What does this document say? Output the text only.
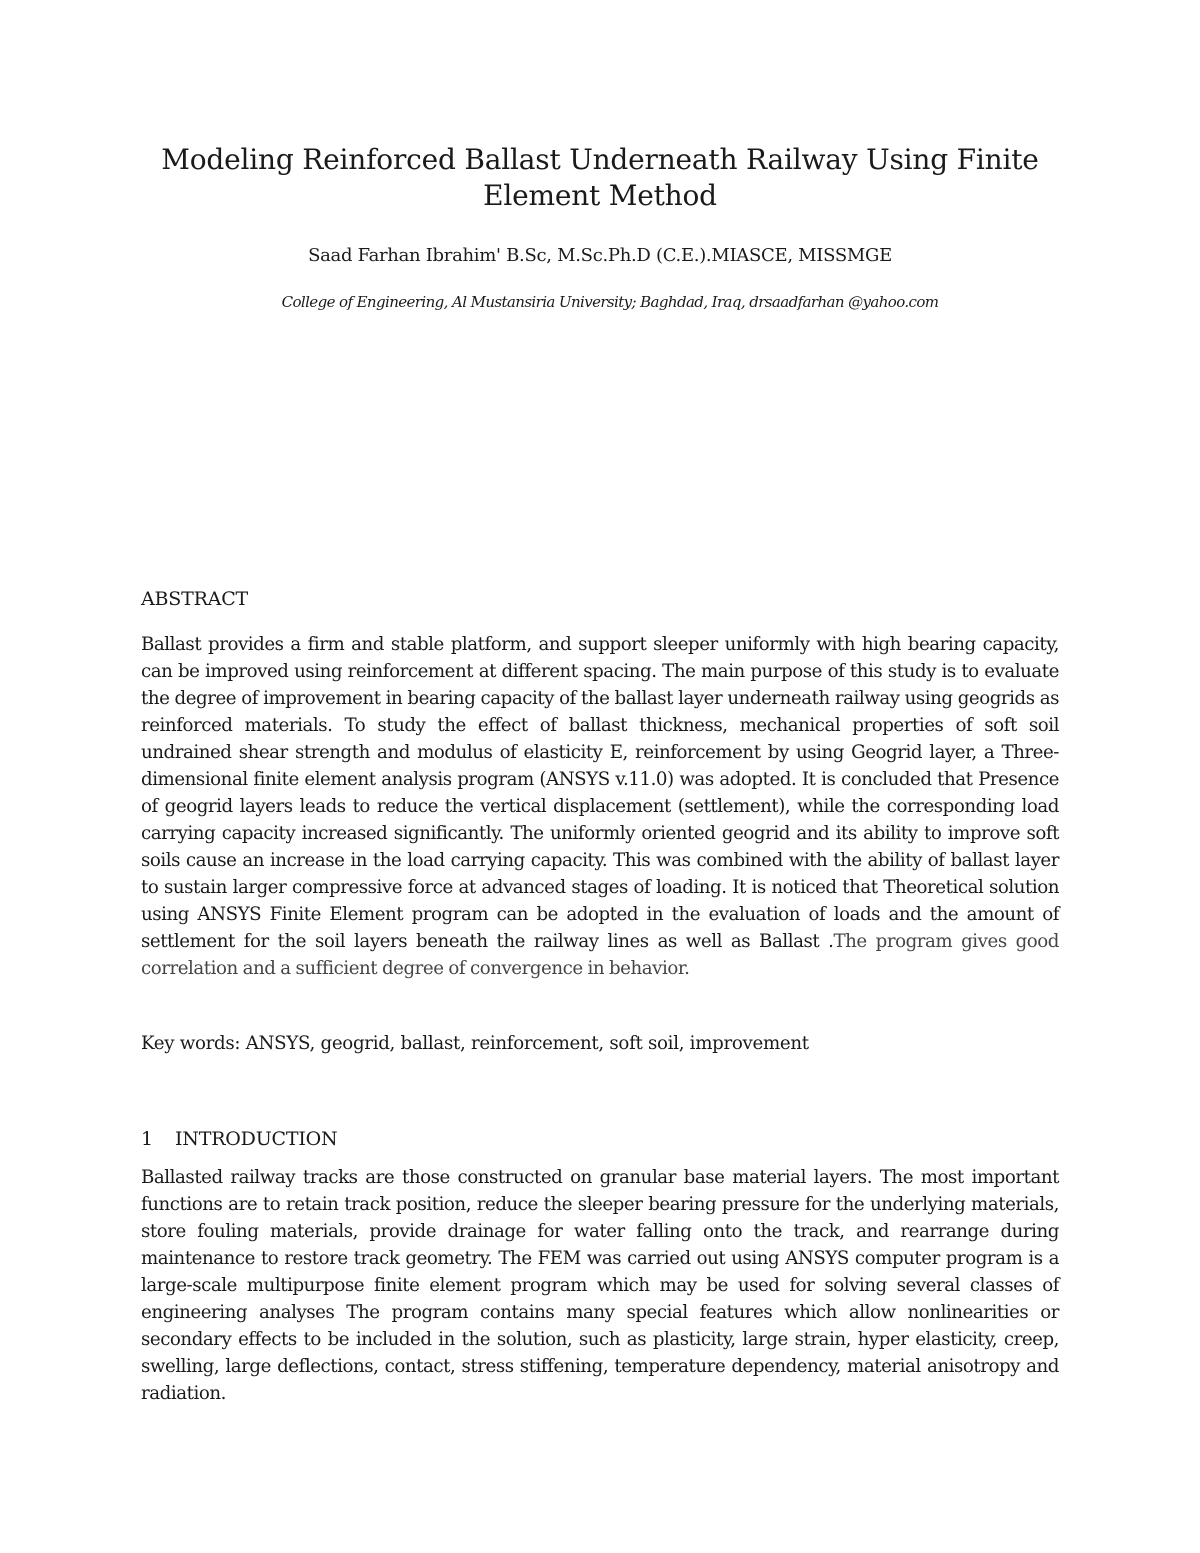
Modeling Reinforced Ballast Underneath Railway Using Finite Element Method
Saad Farhan Ibrahim' B.Sc, M.Sc.Ph.D (C.E.).MIASCE, MISSMGE
College of Engineering, Al Mustansiria University; Baghdad, Iraq, drsaadfarhan @yahoo.com
ABSTRACT

Ballast provides a firm and stable platform, and support sleeper uniformly with high bearing capacity, can be improved using reinforcement at different spacing. The main purpose of this study is to evaluate the degree of improvement in bearing capacity of the ballast layer underneath railway using geogrids as reinforced materials. To study the effect of ballast thickness, mechanical properties of soft soil undrained shear strength and modulus of elasticity E, reinforcement by using Geogrid layer, a Three-dimensional finite element analysis program (ANSYS v.11.0) was adopted. It is concluded that Presence of geogrid layers leads to reduce the vertical displacement (settlement), while the corresponding load carrying capacity increased significantly. The uniformly oriented geogrid and its ability to improve soft soils cause an increase in the load carrying capacity. This was combined with the ability of ballast layer to sustain larger compressive force at advanced stages of loading. It is noticed that Theoretical solution using ANSYS Finite Element program can be adopted in the evaluation of loads and the amount of settlement for the soil layers beneath the railway lines as well as Ballast .The program gives good correlation and a sufficient degree of convergence in behavior.

Key words: ANSYS, geogrid, ballast, reinforcement, soft soil, improvement

1 INTRODUCTION

Ballasted railway tracks are those constructed on granular base material layers. The most important functions are to retain track position, reduce the sleeper bearing pressure for the underlying materials, store fouling materials, provide drainage for water falling onto the track, and rearrange during maintenance to restore track geometry. The FEM was carried out using ANSYS computer program is a large-scale multipurpose finite element program which may be used for solving several classes of engineering analyses The program contains many special features which allow nonlinearities or secondary effects to be included in the solution, such as plasticity, large strain, hyper elasticity, creep, swelling, large deflections, contact, stress stiffening, temperature dependency, material anisotropy and radiation.
